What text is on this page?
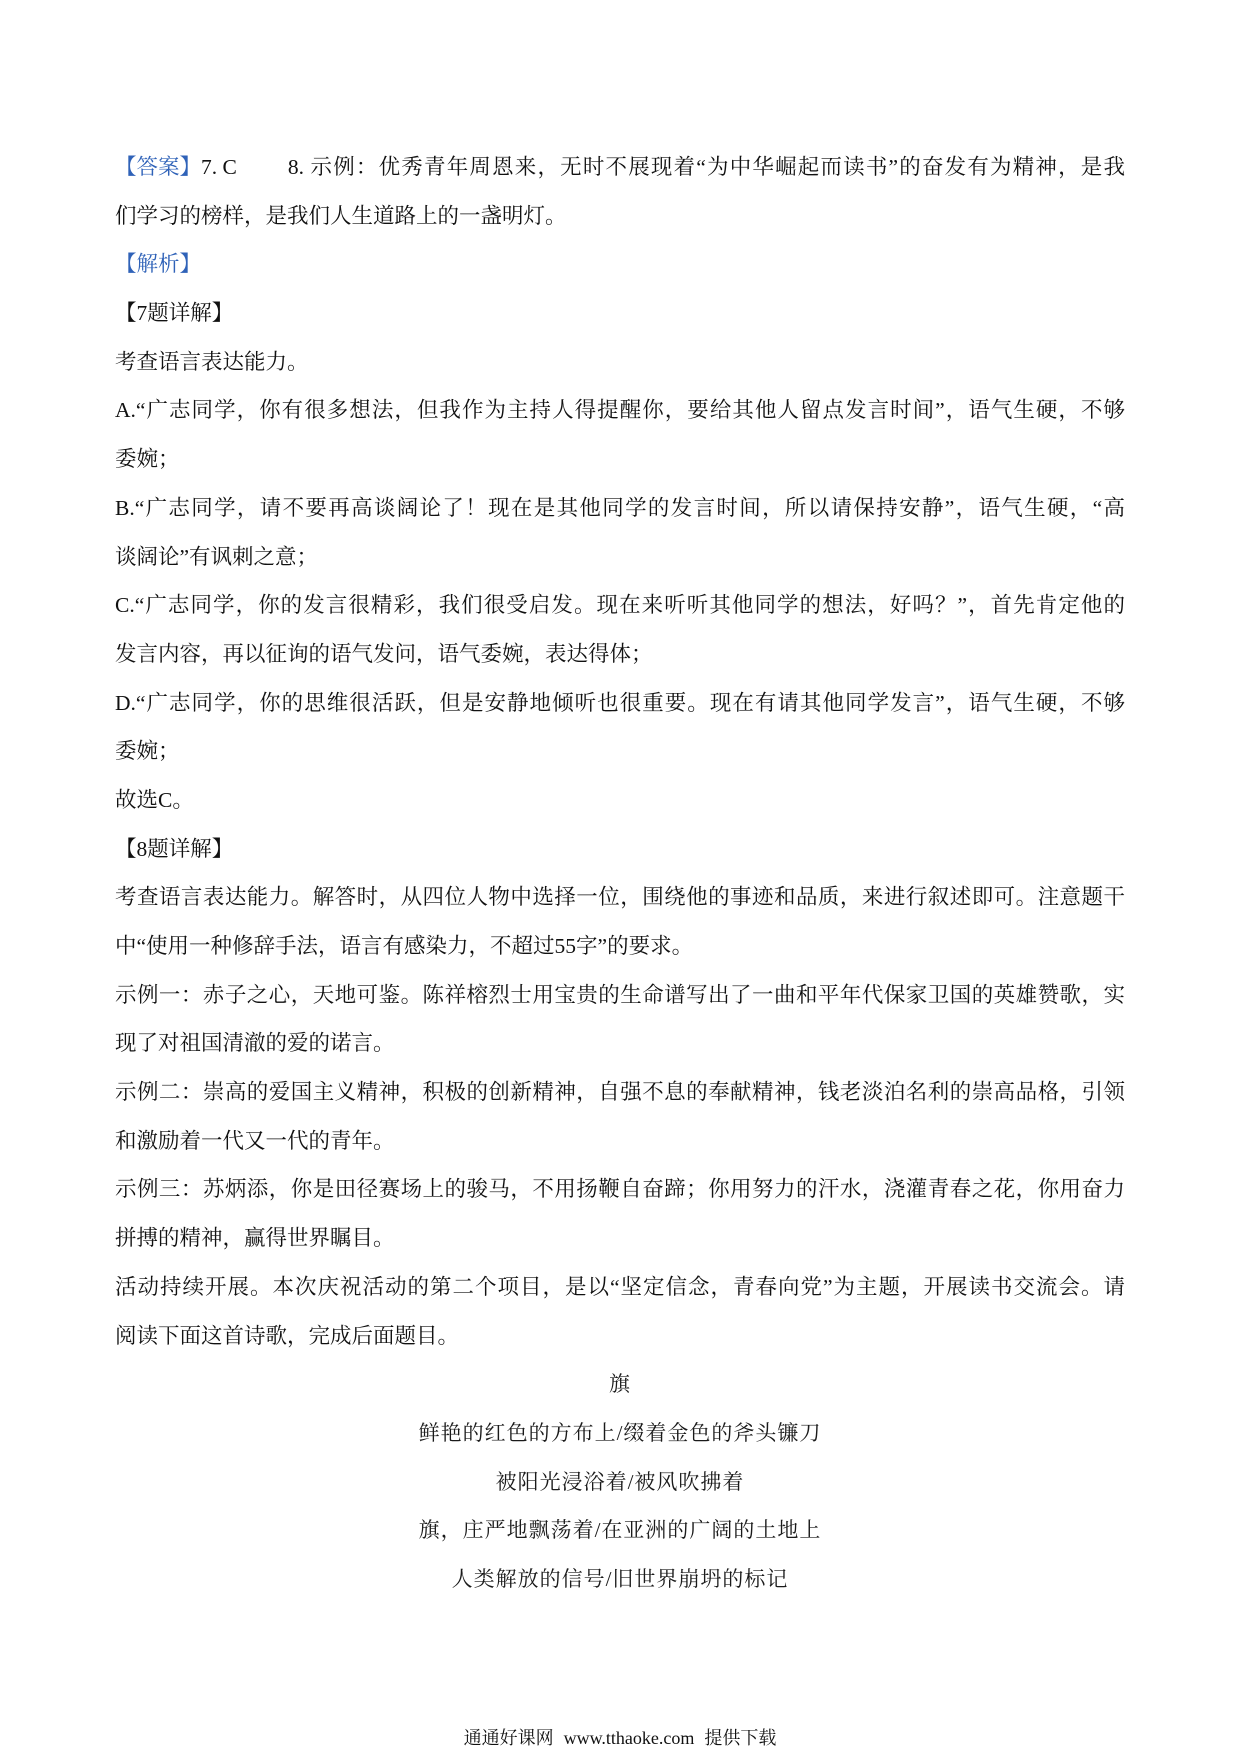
【答案】 7. C 8. 示例：优秀青年周恩来，无时不展现着“为中华崛起而读书”的奋发有为精神，是我
们学习的榜样，是我们人生道路上的一盏明灯。
【解析】
【7题详解】
考查语言表达能力。
A.“广志同学，你有很多想法，但我作为主持人得提醒你，要给其他人留点发言时间”，语气生硬，不够
委婉；
B.“广志同学，请不要再高谈阔论了！现在是其他同学的发言时间，所以请保持安静”，语气生硬，“高
谈阔论”有讽刺之意；
C.“广志同学，你的发言很精彩，我们很受启发。现在来听听其他同学的想法，好吗？”，首先肯定他的
发言内容，再以征询的语气发问，语气委婉，表达得体；
D.“广志同学，你的思维很活跃，但是安静地倾听也很重要。现在有请其他同学发言”，语气生硬，不够
委婉；
故选C。
【8题详解】
考查语言表达能力。解答时，从四位人物中选择一位，围绕他的事迹和品质，来进行叙述即可。注意题干
中“使用一种修辞手法，语言有感染力，不超过55字”的要求。
示例一：赤子之心，天地可鉴。陈祥榕烈士用宝贵的生命谱写出了一曲和平年代保家卫国的英雄赞歌，实
现了对祖国清澈的爱的诺言。
示例二：崇高的爱国主义精神，积极的创新精神，自强不息的奉献精神，钱老淡泊名利的崇高品格，引领
和激励着一代又一代的青年。
示例三：苏炳添，你是田径赛场上的骏马，不用扬鞭自奋蹄；你用努力的汗水，浇灌青春之花，你用奋力
拼搏的精神，赢得世界瞩目。
活动持续开展。本次庆祝活动的第二个项目，是以“坚定信念，青春向党”为主题，开展读书交流会。请
阅读下面这首诗歌，完成后面题目。
旗
鲜艳的红色的方布上/缀着金色的斧头镰刀
被阳光浸浴着/被风吹拂着
旗，庄严地飘荡着/在亚洲的广阔的土地上
人类解放的信号/旧世界崩坍的标记
通通好课网 www.tthaoke.com 提供下载
